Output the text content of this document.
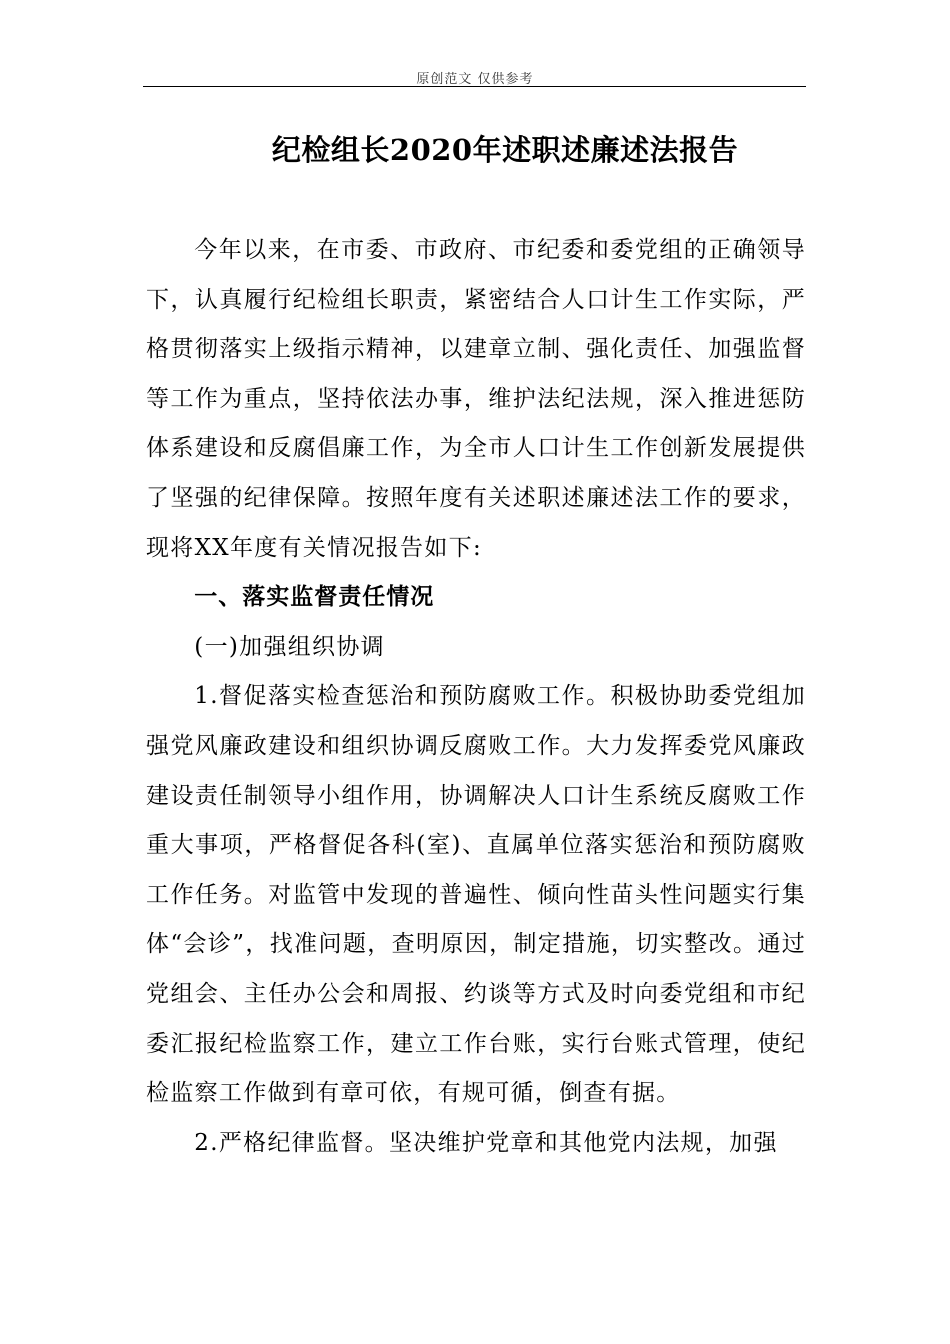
原创范文 仅供参考
纪检组长2020年述职述廉述法报告

今年以来，在市委、市政府、市纪委和委党组的正确领导下，认真履行纪检组长职责，紧密结合人口计生工作实际，严格贯彻落实上级指示精神，以建章立制、强化责任、加强监督等工作为重点，坚持依法办事，维护法纪法规，深入推进惩防体系建设和反腐倡廉工作，为全市人口计生工作创新发展提供了坚强的纪律保障。按照年度有关述职述廉述法工作的要求，现将XX年度有关情况报告如下:

一、落实监督责任情况

(一)加强组织协调

1.督促落实检查惩治和预防腐败工作。积极协助委党组加强党风廉政建设和组织协调反腐败工作。大力发挥委党风廉政建设责任制领导小组作用，协调解决人口计生系统反腐败工作重大事项，严格督促各科(室)、直属单位落实惩治和预防腐败工作任务。对监管中发现的普遍性、倾向性苗头性问题实行集体“会诊”，找准问题，查明原因，制定措施，切实整改。通过党组会、主任办公会和周报、约谈等方式及时向委党组和市纪委汇报纪检监察工作，建立工作台账，实行台账式管理，使纪检监察工作做到有章可依，有规可循，倒查有据。

2.严格纪律监督。坚决维护党章和其他党内法规，加强
